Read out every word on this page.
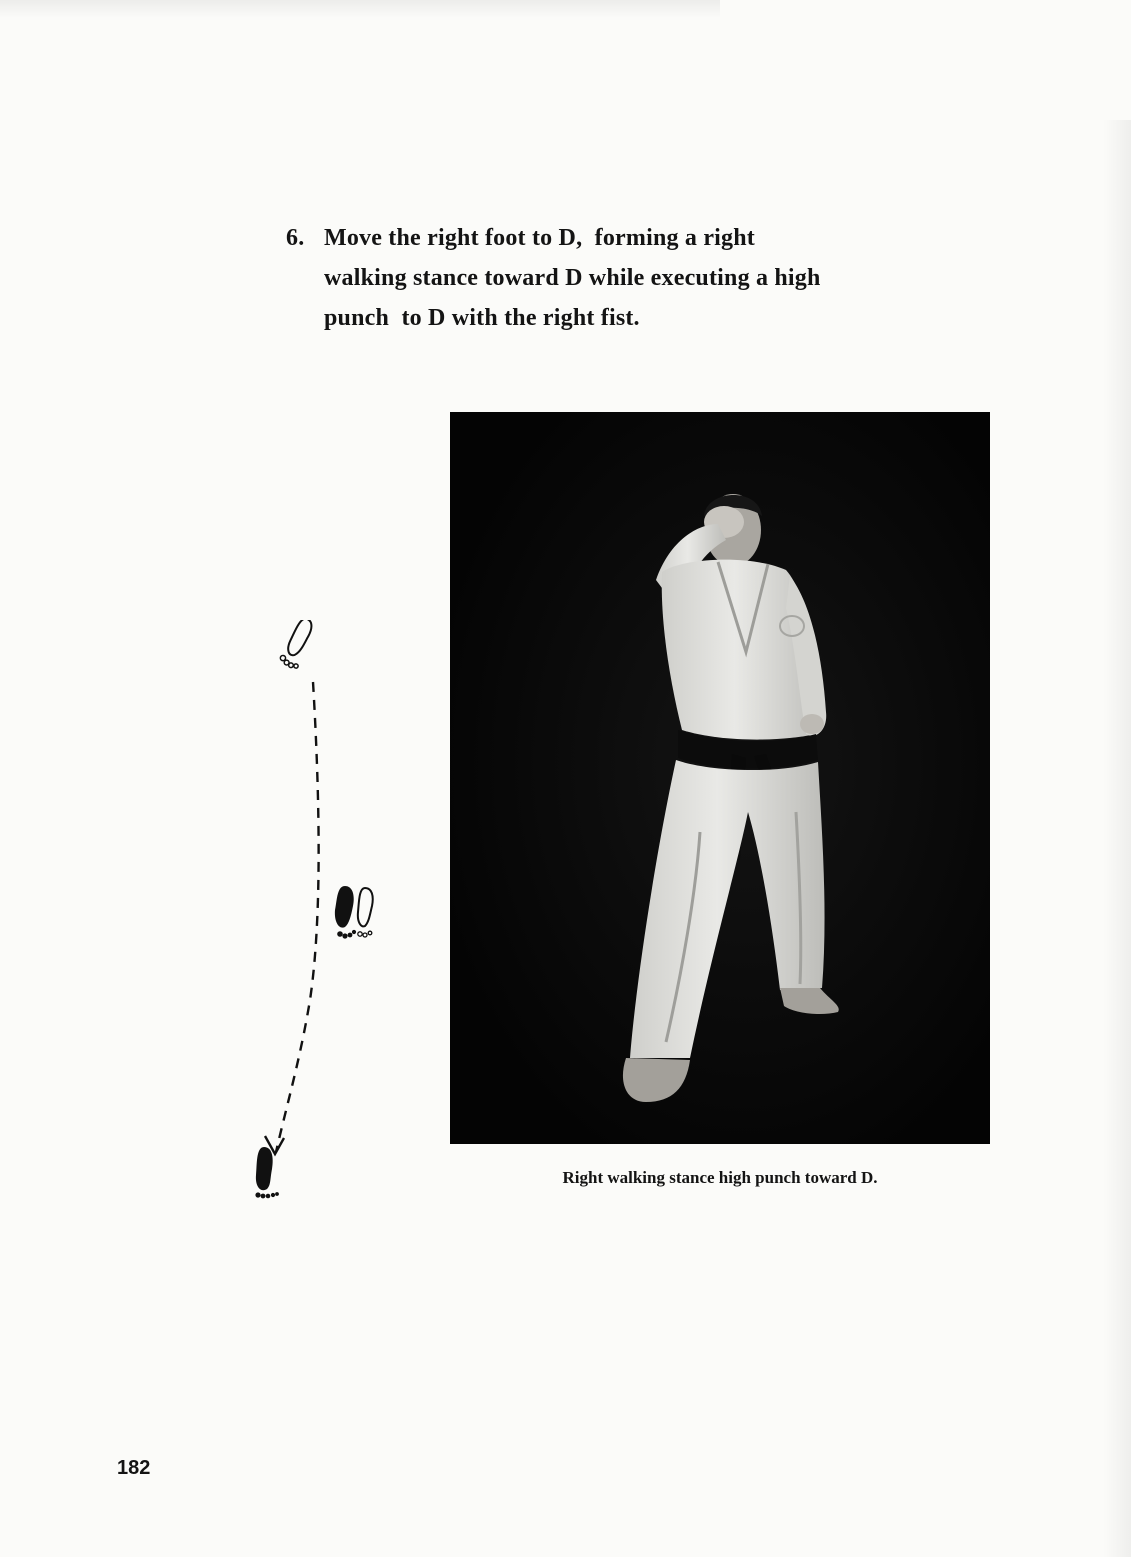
6. Move the right foot to D,  forming a right
walking stance toward D while executing a high
punch  to D with the right fist.
Right walking stance high punch toward D.
182
